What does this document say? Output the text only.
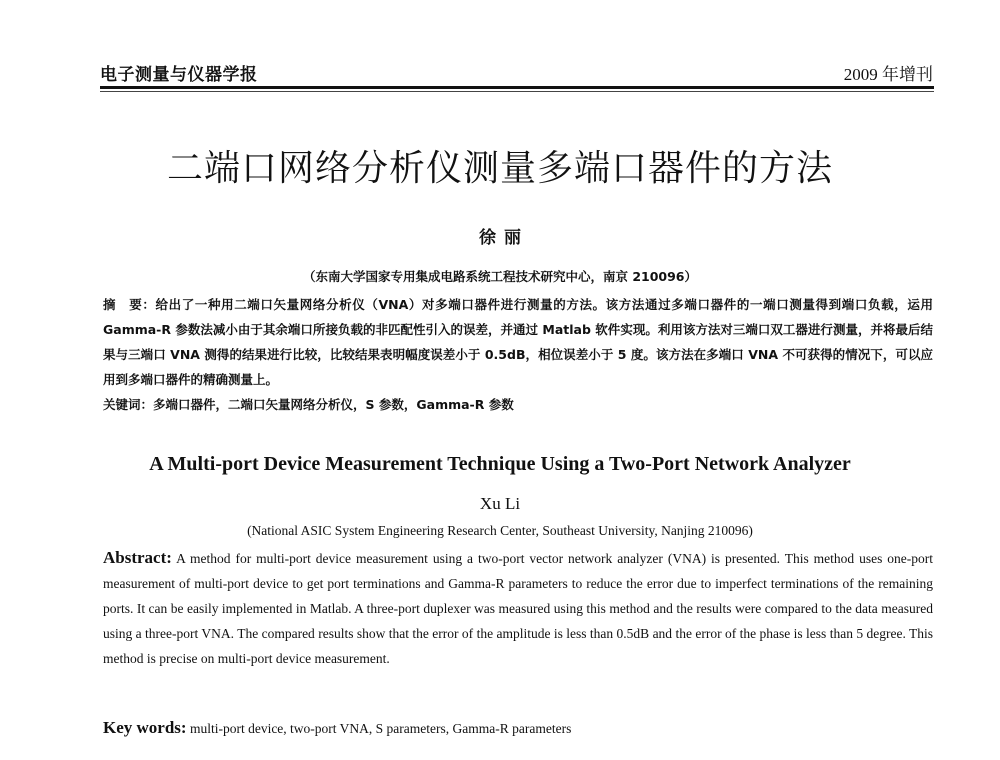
电子测量与仪器学报	2009 年增刊
二端口网络分析仪测量多端口器件的方法
徐丽
（东南大学国家专用集成电路系统工程技术研究中心，南京 210096）
摘　要：给出了一种用二端口矢量网络分析仪（VNA）对多端口器件进行测量的方法。该方法通过多端口器件的一端口测量得到端口负载，运用 Gamma-R 参数法减小由于其余端口所接负载的非匹配性引入的误差，并通过 Matlab 软件实现。利用该方法对三端口双工器进行测量，并将最后结果与三端口 VNA 测得的结果进行比较，比较结果表明幅度误差小于 0.5dB，相位误差小于 5 度。该方法在多端口 VNA 不可获得的情况下，可以应用到多端口器件的精确测量上。
关键词：多端口器件，二端口矢量网络分析仪，S 参数，Gamma-R 参数
A Multi-port Device Measurement Technique Using a Two-Port Network Analyzer
Xu Li
(National ASIC System Engineering Research Center, Southeast University, Nanjing 210096)
Abstract: A method for multi-port device measurement using a two-port vector network analyzer (VNA) is presented. This method uses one-port measurement of multi-port device to get port terminations and Gamma-R parameters to reduce the error due to imperfect terminations of the remaining ports. It can be easily implemented in Matlab. A three-port duplexer was measured using this method and the results were compared to the data measured using a three-port VNA. The compared results show that the error of the amplitude is less than 0.5dB and the error of the phase is less than 5 degree. This method is precise on multi-port device measurement.
Key words: multi-port device, two-port VNA, S parameters, Gamma-R parameters
